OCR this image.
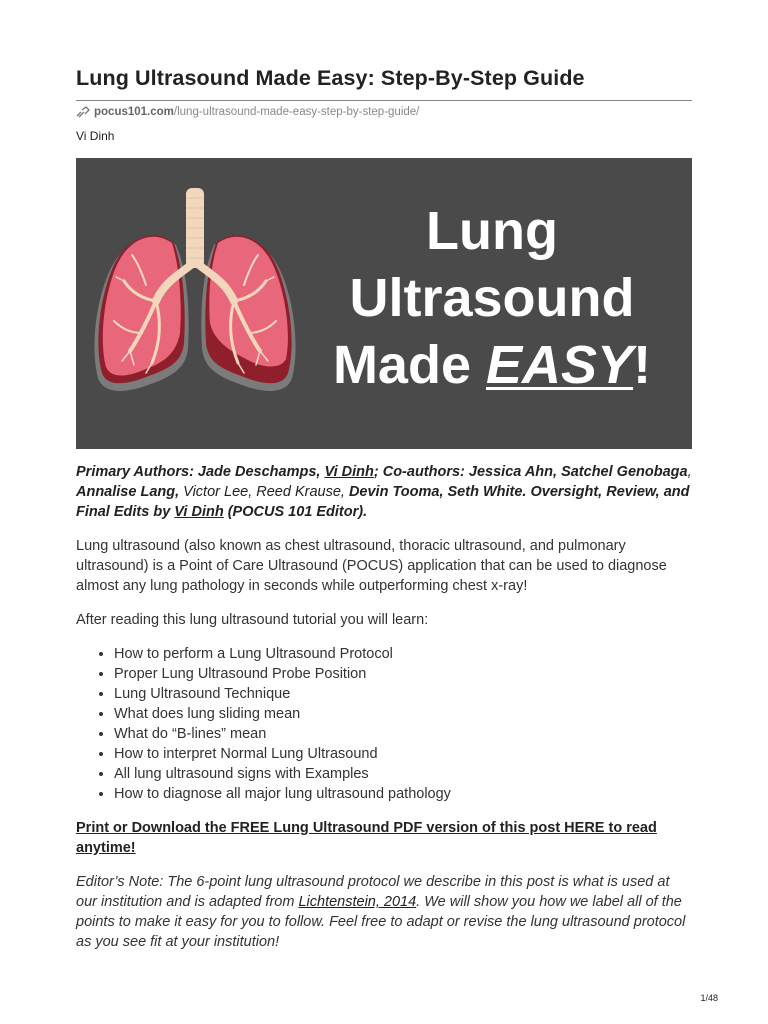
Lung Ultrasound Made Easy: Step-By-Step Guide
pocus101.com /lung-ultrasound-made-easy-step-by-step-guide/
Vi Dinh
Lung
Ultrasound
Made EASY!

Primary Authors: Jade Deschamps, Vi Dinh; Co-authors: Jessica Ahn, Satchel Genobaga, Annalise Lang, Victor Lee, Reed Krause, Devin Tooma, Seth White. Oversight, Review, and Final Edits by Vi Dinh (POCUS 101 Editor).

Lung ultrasound (also known as chest ultrasound, thoracic ultrasound, and pulmonary ultrasound) is a Point of Care Ultrasound (POCUS) application that can be used to diagnose almost any lung pathology in seconds while outperforming chest x-ray!

After reading this lung ultrasound tutorial you will learn:

• How to perform a Lung Ultrasound Protocol
• Proper Lung Ultrasound Probe Position
• Lung Ultrasound Technique
• What does lung sliding mean
• What do “B-lines” mean
• How to interpret Normal Lung Ultrasound
• All lung ultrasound signs with Examples
• How to diagnose all major lung ultrasound pathology
Print or Download the FREE Lung Ultrasound PDF version of this post HERE to read anytime!

Editor’s Note: The 6-point lung ultrasound protocol we describe in this post is what is used at our institution and is adapted from Lichtenstein, 2014. We will show you how we label all of the points to make it easy for you to follow. Feel free to adapt or revise the lung ultrasound protocol as you see fit at your institution!

1/48
